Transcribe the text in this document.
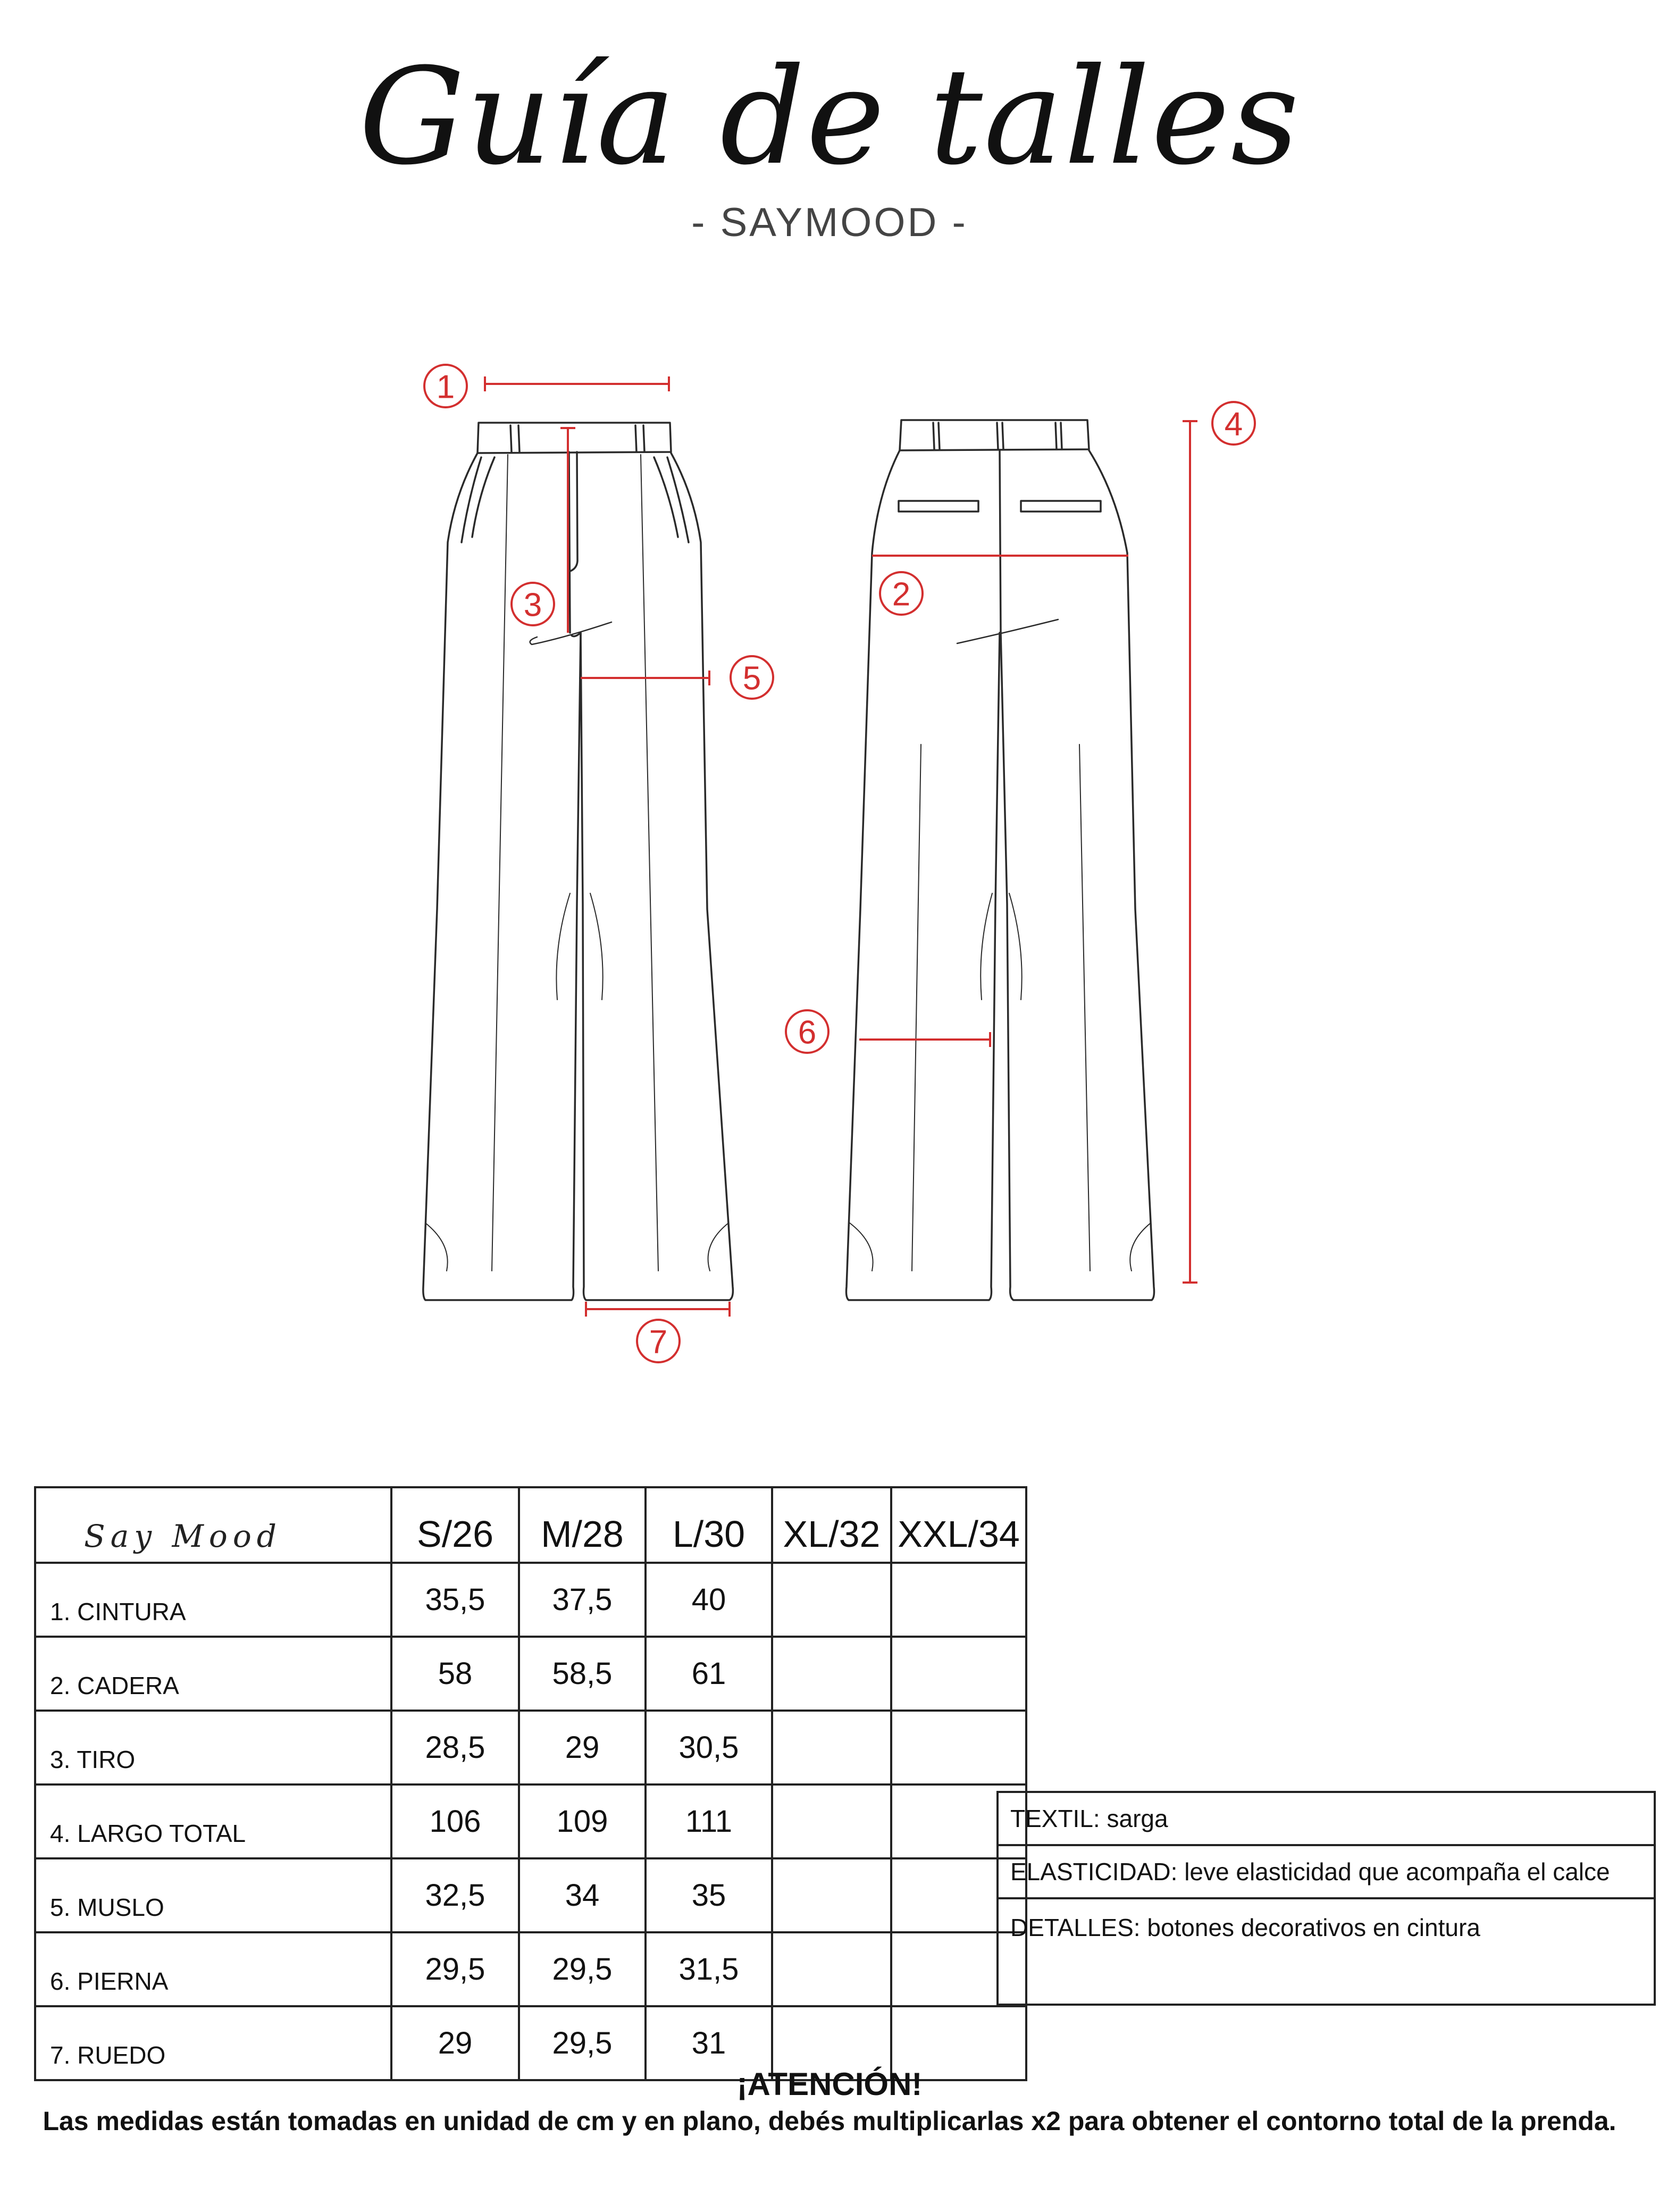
Guía de talles
- SAYMOOD -
1
2
3
4
5
6
7
Say Mood	S/26	M/28	L/30	XL/32	XXL/34
1. CINTURA	35,5	37,5	40		
2. CADERA	58	58,5	61		
3. TIRO	28,5	29	30,5		
4. LARGO TOTAL	106	109	111		
5. MUSLO	32,5	34	35		
6. PIERNA	29,5	29,5	31,5		
7. RUEDO	29	29,5	31		
TEXTIL: sarga
ELASTICIDAD: leve elasticidad que acompaña el calce
DETALLES: botones decorativos en cintura
¡ATENCIÓN!
Las medidas están tomadas en unidad de cm y en plano, debés multiplicarlas x2 para obtener el contorno total de la prenda.
